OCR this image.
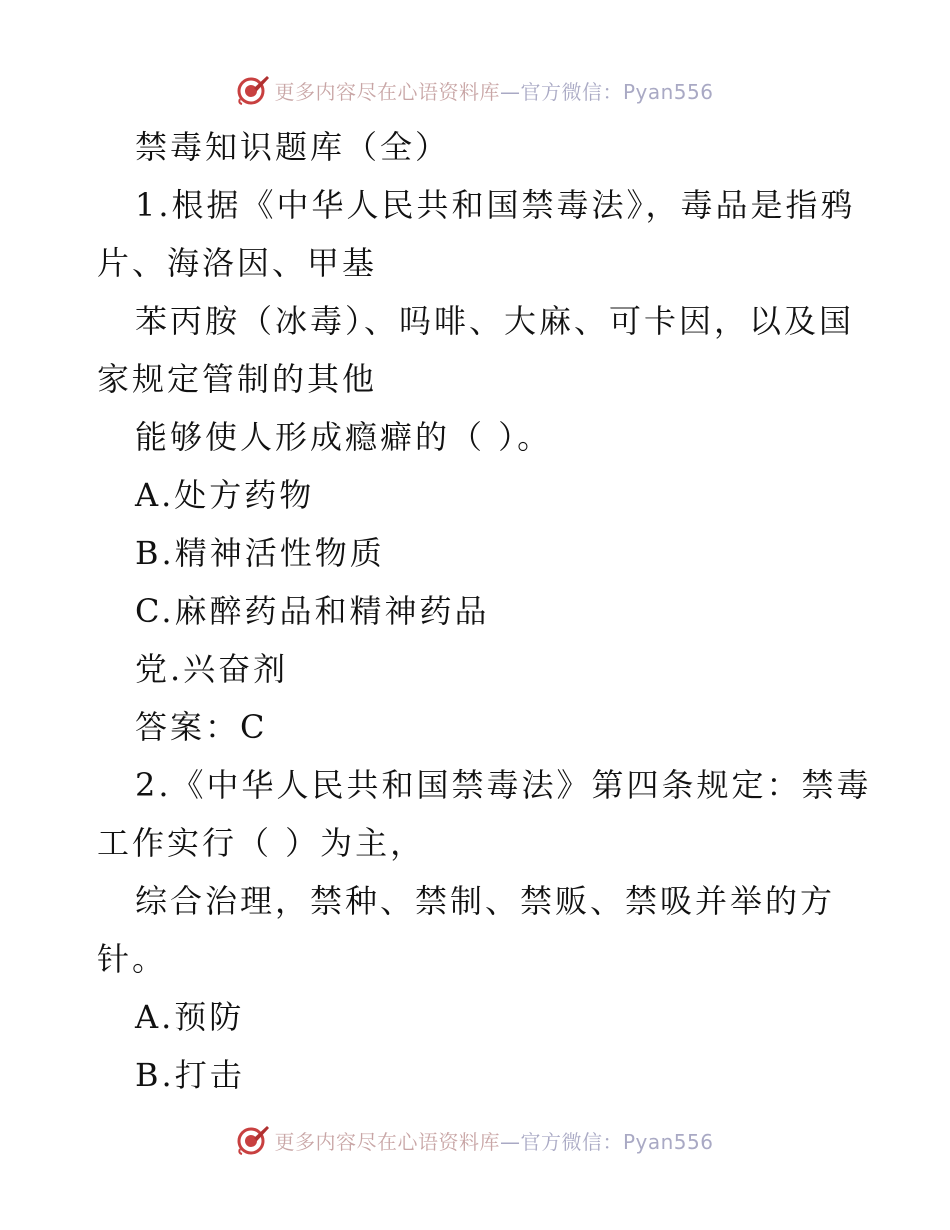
更多内容尽在心语资料库—官方微信：Pyan556
禁毒知识题库（全）
1.根据《中华人民共和国禁毒法》，毒品是指鸦
片、海洛因、甲基
苯丙胺（冰毒）、吗啡、大麻、可卡因，以及国
家规定管制的其他
能够使人形成瘾癖的（ ）。
A.处方药物
B.精神活性物质
C.麻醉药品和精神药品
党.兴奋剂
答案：C
2.《中华人民共和国禁毒法》第四条规定：禁毒
工作实行（ ）为主，
综合治理，禁种、禁制、禁贩、禁吸并举的方
针。
A.预防
B.打击
更多内容尽在心语资料库—官方微信：Pyan556
